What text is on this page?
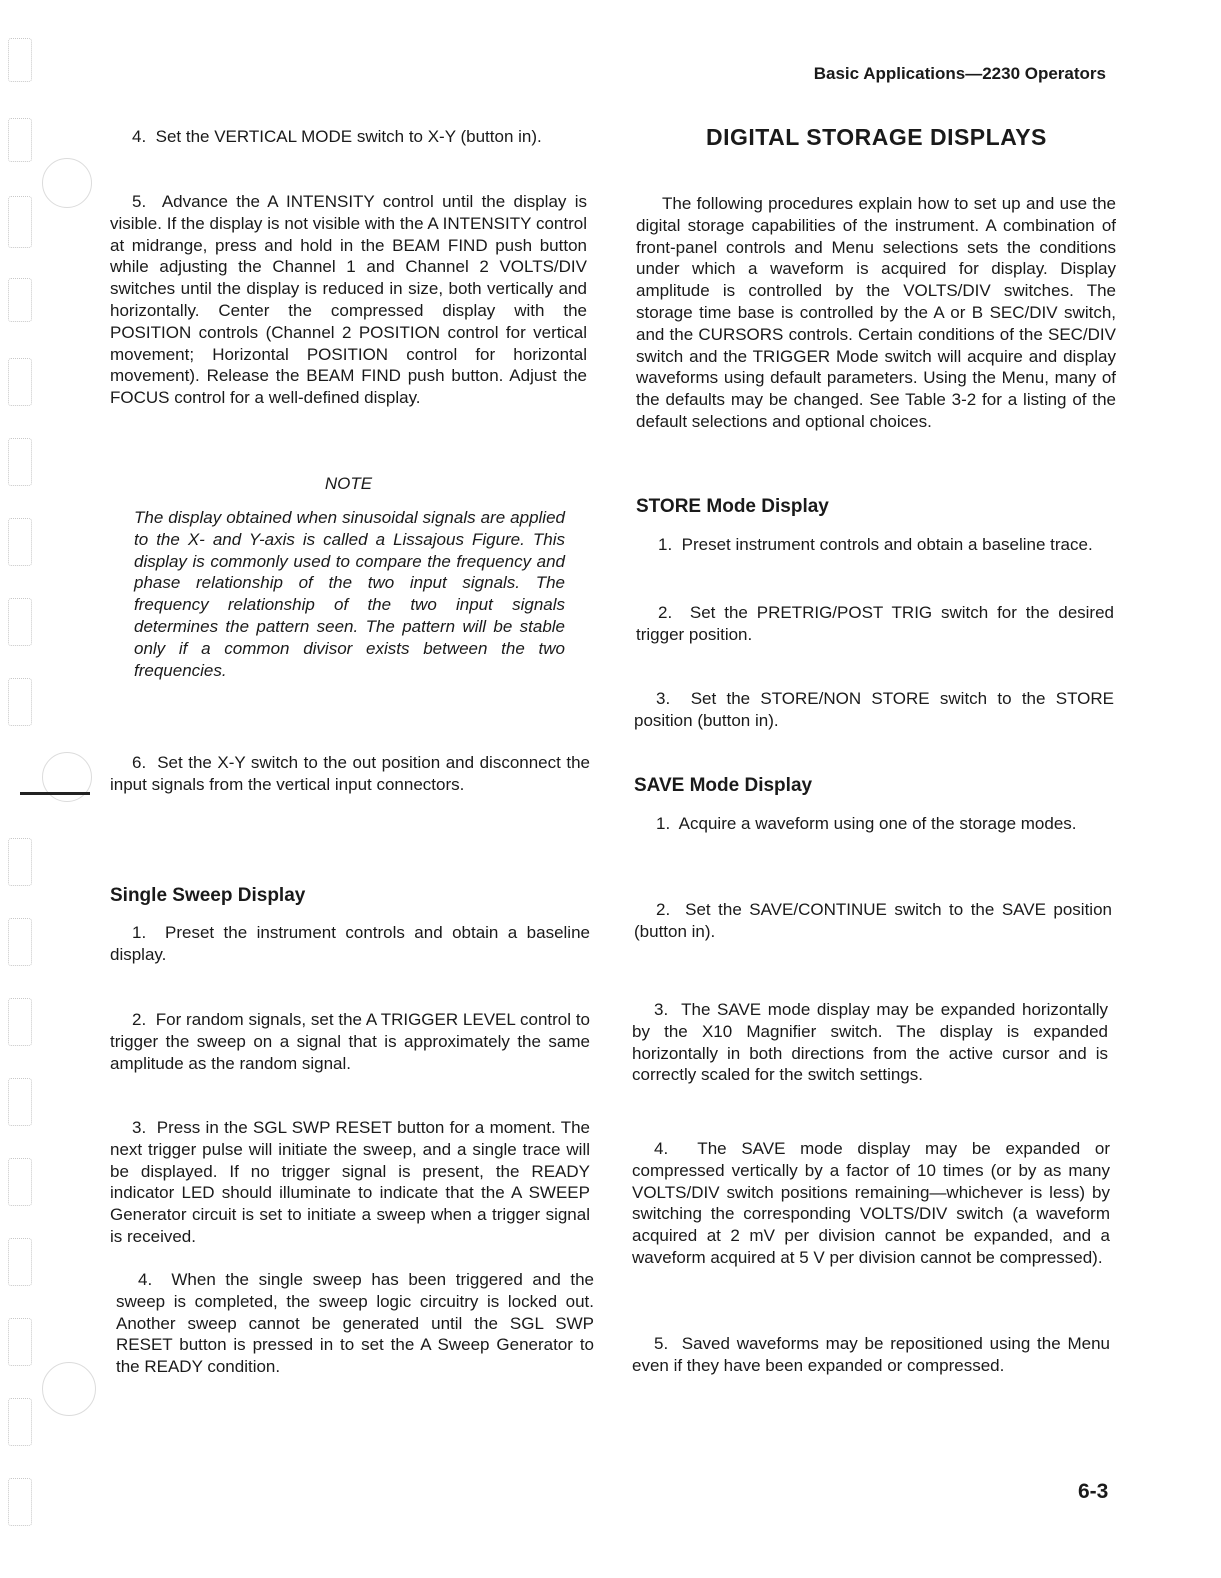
Basic Applications—2230 Operators

4.  Set the VERTICAL MODE switch to X-Y (button in).

5.  Advance the A INTENSITY control until the display is visible. If the display is not visible with the A INTENSITY control at midrange, press and hold in the BEAM FIND push button while adjusting the Channel 1 and Channel 2 VOLTS/DIV switches until the display is reduced in size, both vertically and horizontally. Center the compressed display with the POSITION controls (Channel 2 POSITION control for vertical movement; Horizontal POSITION control for horizontal movement). Release the BEAM FIND push button. Adjust the FOCUS control for a well-defined display.

NOTE

The display obtained when sinusoidal signals are applied to the X- and Y-axis is called a Lissajous Figure. This display is commonly used to compare the frequency and phase relationship of the two input signals. The frequency relationship of the two input signals determines the pattern seen. The pattern will be stable only if a common divisor exists between the two frequencies.

6.  Set the X-Y switch to the out position and disconnect the input signals from the vertical input connectors.

Single Sweep Display

1.  Preset the instrument controls and obtain a baseline display.

2.  For random signals, set the A TRIGGER LEVEL control to trigger the sweep on a signal that is approximately the same amplitude as the random signal.

3.  Press in the SGL SWP RESET button for a moment. The next trigger pulse will initiate the sweep, and a single trace will be displayed. If no trigger signal is present, the READY indicator LED should illuminate to indicate that the A SWEEP Generator circuit is set to initiate a sweep when a trigger signal is received.

4.  When the single sweep has been triggered and the sweep is completed, the sweep logic circuitry is locked out. Another sweep cannot be generated until the SGL SWP RESET button is pressed in to set the A Sweep Generator to the READY condition.

DIGITAL STORAGE DISPLAYS

The following procedures explain how to set up and use the digital storage capabilities of the instrument. A combination of front-panel controls and Menu selections sets the conditions under which a waveform is acquired for display. Display amplitude is controlled by the VOLTS/DIV switches. The storage time base is controlled by the A or B SEC/DIV switch, and the CURSORS controls. Certain conditions of the SEC/DIV switch and the TRIGGER Mode switch will acquire and display waveforms using default parameters. Using the Menu, many of the defaults may be changed. See Table 3-2 for a listing of the default selections and optional choices.

STORE Mode Display

1.  Preset instrument controls and obtain a baseline trace.

2.  Set the PRETRIG/POST TRIG switch for the desired trigger position.

3.  Set the STORE/NON STORE switch to the STORE position (button in).

SAVE Mode Display

1.  Acquire a waveform using one of the storage modes.

2.  Set the SAVE/CONTINUE switch to the SAVE position (button in).

3.  The SAVE mode display may be expanded horizontally by the X10 Magnifier switch. The display is expanded horizontally in both directions from the active cursor and is correctly scaled for the switch settings.

4.  The SAVE mode display may be expanded or compressed vertically by a factor of 10 times (or by as many VOLTS/DIV switch positions remaining—whichever is less) by switching the corresponding VOLTS/DIV switch (a waveform acquired at 2 mV per division cannot be expanded, and a waveform acquired at 5 V per division cannot be compressed).

5.  Saved waveforms may be repositioned using the Menu even if they have been expanded or compressed.

6-3
